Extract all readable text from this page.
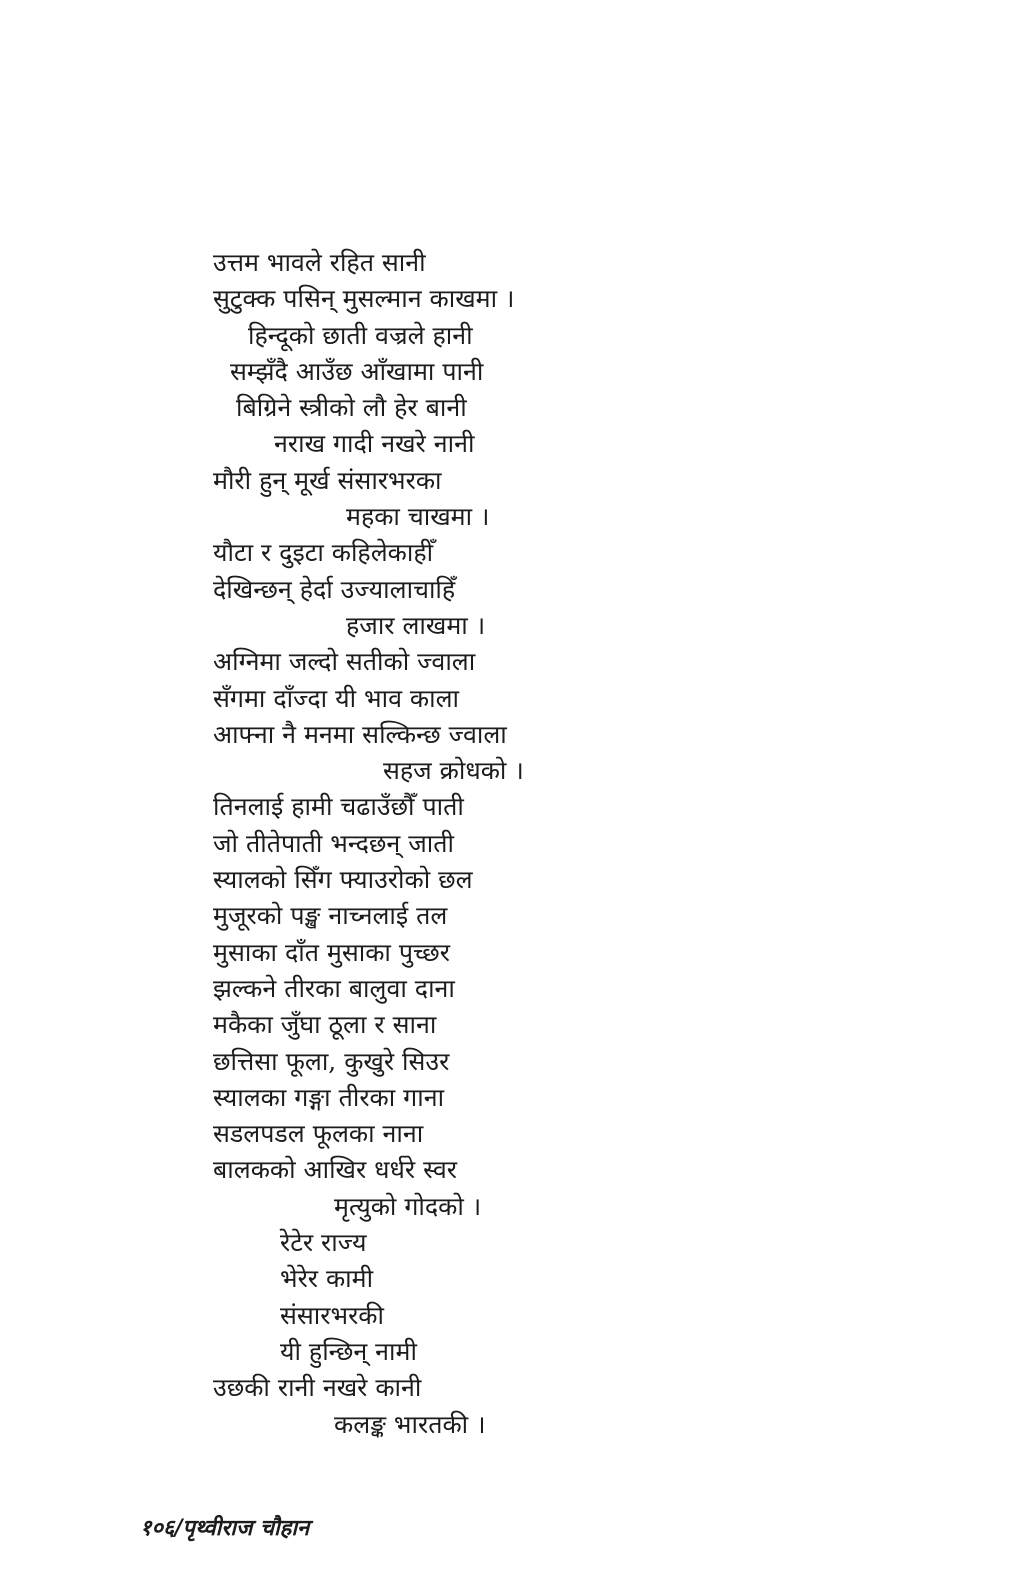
उत्तम भावले रहित सानी
सुटुक्क पसिन् मुसल्मान काखमा ।
हिन्दूको छाती वज्रले हानी
सम्झँदै आउँछ आँखामा पानी
बिग्रिने स्त्रीको लौ हेर बानी
नराख गादी नखरे नानी
मौरी हुन् मूर्ख संसारभरका
महका चाखमा ।
यौटा र दुइटा कहिलेकाहीँ
देखिन्छन् हेर्दा उज्यालाचाहिँ
हजार लाखमा ।
अग्निमा जल्दो सतीको ज्वाला
सँगमा दाँज्दा यी भाव काला
आफ्ना नै मनमा सल्किन्छ ज्वाला
सहज क्रोधको ।
तिनलाई हामी चढाउँछौँ पाती
जो तीतेपाती भन्दछन् जाती
स्यालको सिँग फ्याउरोको छल
मुजूरको पङ्ख नाच्नलाई तल
मुसाका दाँत मुसाका पुच्छर
झल्कने तीरका बालुवा दाना
मकैका जुँघा ठूला र साना
छत्तिसा फूला, कुखुरे सिउर
स्यालका गङ्गा तीरका गाना
सडलपडल फूलका नाना
बालकको आखिर धर्धरे स्वर
मृत्युको गोदको ।
रेटेर राज्य
भेरेर कामी
संसारभरकी
यी हुन्छिन् नामी
उछकी रानी नखरे कानी
कलङ्क भारतकी ।
१०६/पृथ्वीराज चौहान
